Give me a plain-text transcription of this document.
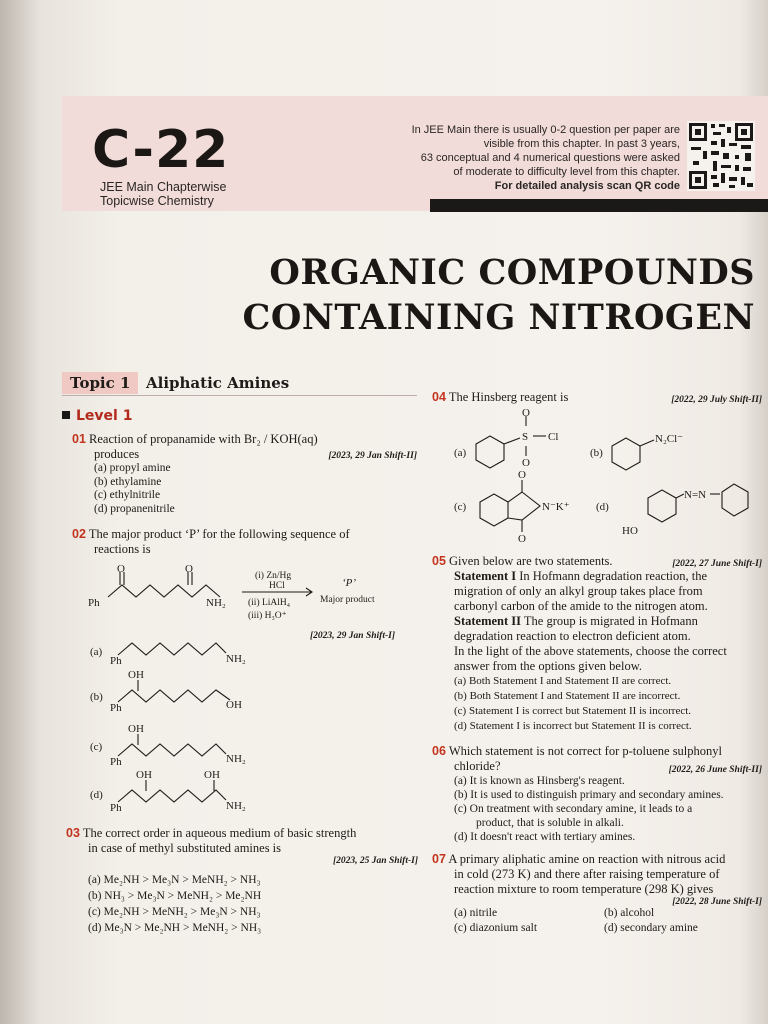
C-22
JEE Main Chapterwise
Topicwise Chemistry
In JEE Main there is usually 0-2 question per paper are
visible from this chapter. In past 3 years,
63 conceptual and 4 numerical questions were asked
of moderate to difficulty level from this chapter.
For detailed analysis scan QR code
ORGANIC COMPOUNDS
CONTAINING NITROGEN
Topic 1	Aliphatic Amines
Level 1
01 Reaction of propanamide with Br₂ / KOH(aq)
produces	[2023, 29 Jan Shift-II]
(a) propyl amine
(b) ethylamine
(c) ethylnitrile
(d) propanenitrile
02 The major product ‘P’ for the following sequence of
reactions is
Ph
O	O
NH₂
(i) Zn/Hg
HCl
(ii) LiAlH₄
(iii) H₃O⁺
‘P’
Major product
[2023, 29 Jan Shift-I]
(a)
Ph	NH₂
(b)
OH
Ph	OH
(c)
OH
Ph	NH₂
(d)
OH	OH
Ph	NH₂
03 The correct order in aqueous medium of basic strength
in case of methyl substituted amines is
[2023, 25 Jan Shift-I]
(a) Me₂NH > Me₃N > MeNH₂ > NH₃
(b) NH₃ > Me₃N > MeNH₂ > Me₂NH
(c) Me₂NH > MeNH₂ > Me₃N > NH₃
(d) Me₃N > Me₂NH > MeNH₂ > NH₃
04 The Hinsberg reagent is	[2022, 29 July Shift-II]
(a)
O
S
O
Cl
(b)
N₂Cl⁻
(c)
O
N⁻K⁺
O
(d)
N=N
HO
05 Given below are two statements.	[2022, 27 June Shift-I]
Statement I In Hofmann degradation reaction, the
migration of only an alkyl group takes place from
carbonyl carbon of the amide to the nitrogen atom.
Statement II The group is migrated in Hofmann
degradation reaction to electron deficient atom.
In the light of the above statements, choose the correct
answer from the options given below.
(a) Both Statement I and Statement II are correct.
(b) Both Statement I and Statement II are incorrect.
(c) Statement I is correct but Statement II is incorrect.
(d) Statement I is incorrect but Statement II is correct.
06 Which statement is not correct for p-toluene sulphonyl
chloride?	[2022, 26 June Shift-II]
(a) It is known as Hinsberg's reagent.
(b) It is used to distinguish primary and secondary amines.
(c) On treatment with secondary amine, it leads to a
product, that is soluble in alkali.
(d) It doesn't react with tertiary amines.
07 A primary aliphatic amine on reaction with nitrous acid
in cold (273 K) and there after raising temperature of
reaction mixture to room temperature (298 K) gives
[2022, 28 June Shift-I]
(a) nitrile	(b) alcohol
(c) diazonium salt	(d) secondary amine
